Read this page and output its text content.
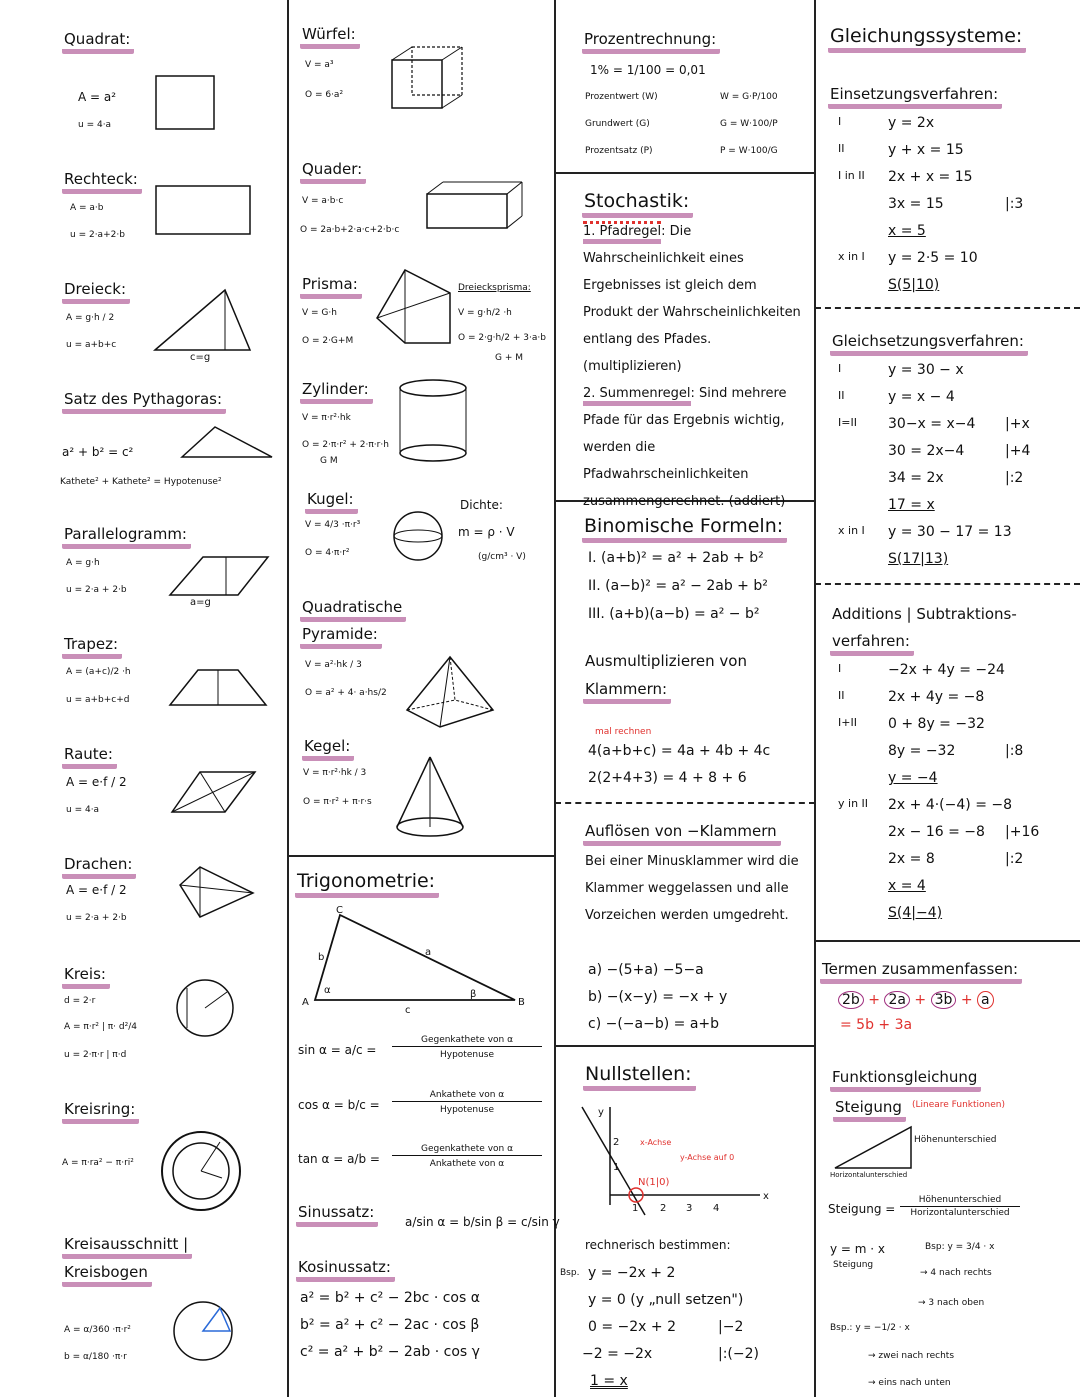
Quadrat:
A = a²
u = 4·a
Rechteck:
A = a·b
u = 2·a+2·b
Dreieck:
A = g·h / 2
u = a+b+c
c=g
Satz des Pythagoras:
a² + b² = c²
Kathete² + Kathete² = Hypotenuse²
Parallelogramm:
A = g·h
u = 2·a + 2·b
a=g
Trapez:
A = (a+c)/2 ·h
u = a+b+c+d
Raute:
A = e·f / 2
u = 4·a
Drachen:
A = e·f / 2
u = 2·a + 2·b
Kreis:
d = 2·r
A = π·r² | π· d²/4
u = 2·π·r | π·d
Kreisring:
A = π·ra² − π·ri²
Kreisausschnitt |
Kreisbogen
A = α/360 ·π·r²
b = α/180 ·π·r
Würfel:
V = a³
O = 6·a²
Quader:
V = a·b·c
O = 2a·b+2·a·c+2·b·c
Prisma:
V = G·h
O = 2·G+M
Dreiecksprisma:
V = g·h/2 ·h
O = 2·g·h/2 + 3·a·b
G + M
Zylinder:
V = π·r²·hk
O = 2·π·r² + 2·π·r·h
G M
Kugel:
V = 4/3 ·π·r³
O = 4·π·r²
Dichte:
m = ρ · V
(g/cm³ · V)
Quadratische
Pyramide:
V = a²·hk / 3
O = a² + 4· a·hs/2
Kegel:
V = π·r²·hk / 3
O = π·r² + π·r·s
Trigonometrie:
A	B
C
a
b
c
α	β
sin α = a/c =
Gegenkathete von α
Hypotenuse
cos α = b/c =
Ankathete von α
Hypotenuse
tan α = a/b =
Gegenkathete von α
Ankathete von α
Sinussatz:
a/sin α = b/sin β = c/sin γ
Kosinussatz:
a² = b² + c² − 2bc · cos α
b² = a² + c² − 2ac · cos β
c² = a² + b² − 2ab · cos γ
Prozentrechnung:
1% = 1/100 = 0,01
Prozentwert (W)	W = G·P/100
Grundwert (G)	G = W·100/P
Prozentsatz (P)	P = W·100/G
Stochastik:
1. Pfadregel: Die Wahrscheinlichkeit eines Ergebnisses ist gleich dem Produkt der Wahrscheinlichkeiten entlang des Pfades. (multiplizieren)
2. Summenregel: Sind mehrere Pfade für das Ergebnis wichtig, werden die Pfadwahrscheinlichkeiten zusammengerechnet. (addiert)
Binomische Formeln:
I. (a+b)² = a² + 2ab + b²
II. (a−b)² = a² − 2ab + b²
III. (a+b)(a−b) = a² − b²
Ausmultiplizieren von
Klammern:
mal rechnen
4(a+b+c) = 4a + 4b + 4c
2(2+4+3) = 4 + 8 + 6
Auflösen von −Klammern
Bei einer Minusklammer wird die Klammer weggelassen und alle Vorzeichen werden umgedreht.
a) −(5+a) −5−a
b) −(x−y) = −x + y
c) −(−a−b) = a+b
Nullstellen:
x
y
1 2 3 4
1
2
N(1|0)
x-Achse
y-Achse auf 0
rechnerisch bestimmen:
Bsp. y = −2x + 2
y = 0 (y „null setzen")
0 = −2x + 2	|−2
−2 = −2x	|:(−2)
1 = x
Gleichungssysteme:
Einsetzungsverfahren:
I	y = 2x
II	y + x = 15
I in II 2x + x = 15
3x = 15	|:3
x = 5
x in I y = 2·5 = 10
S(5|10)
Gleichsetzungsverfahren:
I	y = 30 − x
II	y = x − 4
I=II 30−x = x−4 |+x
30 = 2x−4	|+4
34 = 2x	|:2
17 = x
x in I y = 30 − 17 = 13
S(17|13)
Additions | Subtraktions-
verfahren:
I	−2x + 4y = −24
II	2x + 4y = −8
I+II 0 + 8y = −32
8y = −32	|:8
y = −4
y in II 2x + 4·(−4) = −8
2x − 16 = −8 |+16
2x = 8	|:2
x = 4
S(4|−4)
Termen zusammenfassen:
2b + 2a + 3b + a
= 5b + 3a
Funktionsgleichung
Steigung	(Lineare Funktionen)
Höhenunterschied
Horizontalunterschied
Steigung =
Höhenunterschied
Horizontalunterschied
y = m · x
Steigung
Bsp: y = 3/4 · x
→ 4 nach rechts
→ 3 nach oben
Bsp.: y = −1/2 · x
→ zwei nach rechts
→ eins nach unten
